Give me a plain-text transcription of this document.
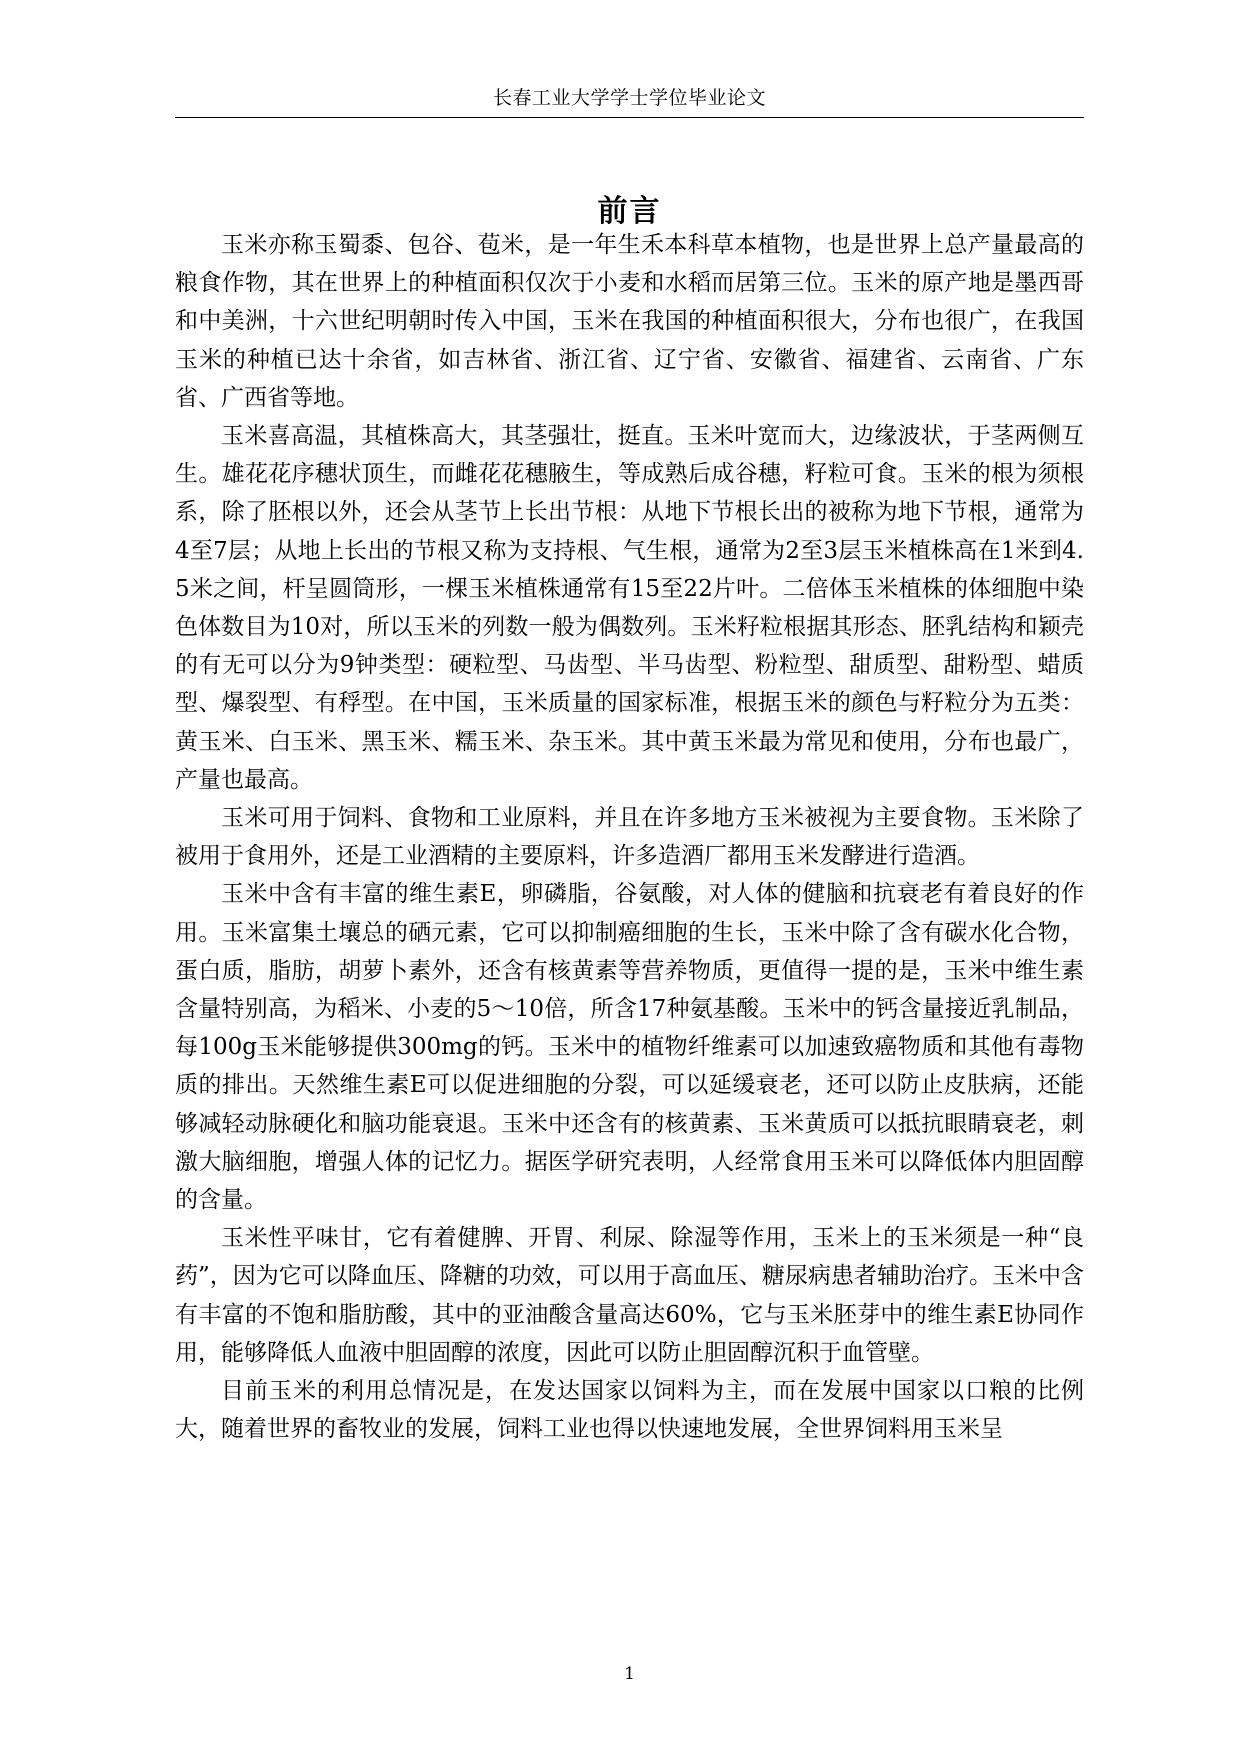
长春工业大学学士学位毕业论文
前言

玉米亦称玉蜀黍、包谷、苞米，是一年生禾本科草本植物，也是世界上总产量最高的粮食作物，其在世界上的种植面积仅次于小麦和水稻而居第三位。玉米的原产地是墨西哥和中美洲，十六世纪明朝时传入中国，玉米在我国的种植面积很大，分布也很广，在我国玉米的种植已达十余省，如吉林省、浙江省、辽宁省、安徽省、福建省、云南省、广东省、广西省等地。

玉米喜高温，其植株高大，其茎强壮，挺直。玉米叶宽而大，边缘波状，于茎两侧互生。雄花花序穗状顶生，而雌花花穗腋生，等成熟后成谷穗，籽粒可食。玉米的根为须根系，除了胚根以外，还会从茎节上长出节根：从地下节根长出的被称为地下节根，通常为4至7层；从地上长出的节根又称为支持根、气生根，通常为2至3层玉米植株高在1米到4.5米之间，杆呈圆筒形，一棵玉米植株通常有15至22片叶。二倍体玉米植株的体细胞中染色体数目为10对，所以玉米的列数一般为偶数列。玉米籽粒根据其形态、胚乳结构和颖壳的有无可以分为9钟类型：硬粒型、马齿型、半马齿型、粉粒型、甜质型、甜粉型、蜡质型、爆裂型、有稃型。在中国，玉米质量的国家标准，根据玉米的颜色与籽粒分为五类：黄玉米、白玉米、黑玉米、糯玉米、杂玉米。其中黄玉米最为常见和使用，分布也最广，产量也最高。

玉米可用于饲料、食物和工业原料，并且在许多地方玉米被视为主要食物。玉米除了被用于食用外，还是工业酒精的主要原料，许多造酒厂都用玉米发酵进行造酒。

玉米中含有丰富的维生素E，卵磷脂，谷氨酸，对人体的健脑和抗衰老有着良好的作用。玉米富集土壤总的硒元素，它可以抑制癌细胞的生长，玉米中除了含有碳水化合物，蛋白质，脂肪，胡萝卜素外，还含有核黄素等营养物质，更值得一提的是，玉米中维生素含量特别高，为稻米、小麦的5～10倍，所含17种氨基酸。玉米中的钙含量接近乳制品，每100g玉米能够提供300mg的钙。玉米中的植物纤维素可以加速致癌物质和其他有毒物质的排出。天然维生素E可以促进细胞的分裂，可以延缓衰老，还可以防止皮肤病，还能够减轻动脉硬化和脑功能衰退。玉米中还含有的核黄素、玉米黄质可以抵抗眼睛衰老，刺激大脑细胞，增强人体的记忆力。据医学研究表明，人经常食用玉米可以降低体内胆固醇的含量。

玉米性平味甘，它有着健脾、开胃、利尿、除湿等作用，玉米上的玉米须是一种“良药”，因为它可以降血压、降糖的功效，可以用于高血压、糖尿病患者辅助治疗。玉米中含有丰富的不饱和脂肪酸，其中的亚油酸含量高达60%，它与玉米胚芽中的维生素E协同作用，能够降低人血液中胆固醇的浓度，因此可以防止胆固醇沉积于血管壁。

目前玉米的利用总情况是，在发达国家以饲料为主，而在发展中国家以口粮的比例大，随着世界的畜牧业的发展，饲料工业也得以快速地发展，全世界饲料用玉米呈

1
